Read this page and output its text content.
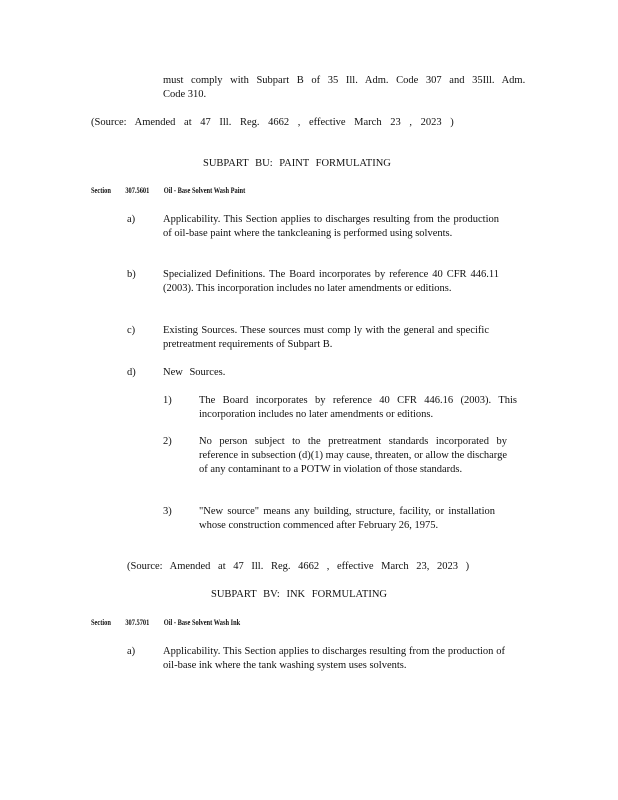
must comply with Subpart B of 35 Ill. Adm. Code 307 and 35Ill. Adm.
Code 310.
(Source: Amended at 47 Ill. Reg. 4662 , effective March 23 , 2023 )
SUBPART BU: PAINT FORMULATING
Section 307.5601 Oil - Base Solvent Wash Paint
a)	Applicability. This Section applies to discharges resulting from the production of oil-base paint where the tankcleaning is performed using solvents.
b)	Specialized Definitions. The Board incorporates by reference 40 CFR 446.11 (2003). This incorporation includes no later amendments or editions.
c)	Existing Sources. These sources must comp ly with the general and specific pretreatment requirements of Subpart B.
d)	New Sources.
1)	The Board incorporates by reference 40 CFR 446.16 (2003). This incorporation includes no later amendments or editions.
2)	No person subject to the pretreatment standards incorporated by reference in subsection (d)(1) may cause, threaten, or allow the discharge of any contaminant to a POTW in violation of those standards.
3)	"New source" means any building, structure, facility, or installation whose construction commenced after February 26, 1975.
(Source: Amended at 47 Ill. Reg. 4662 , effective March 23, 2023 )
SUBPART BV: INK FORMULATING
Section 307.5701 Oil - Base Solvent Wash Ink
a)	Applicability. This Section applies to discharges resulting from the production of oil-base ink where the tank washing system uses solvents.
